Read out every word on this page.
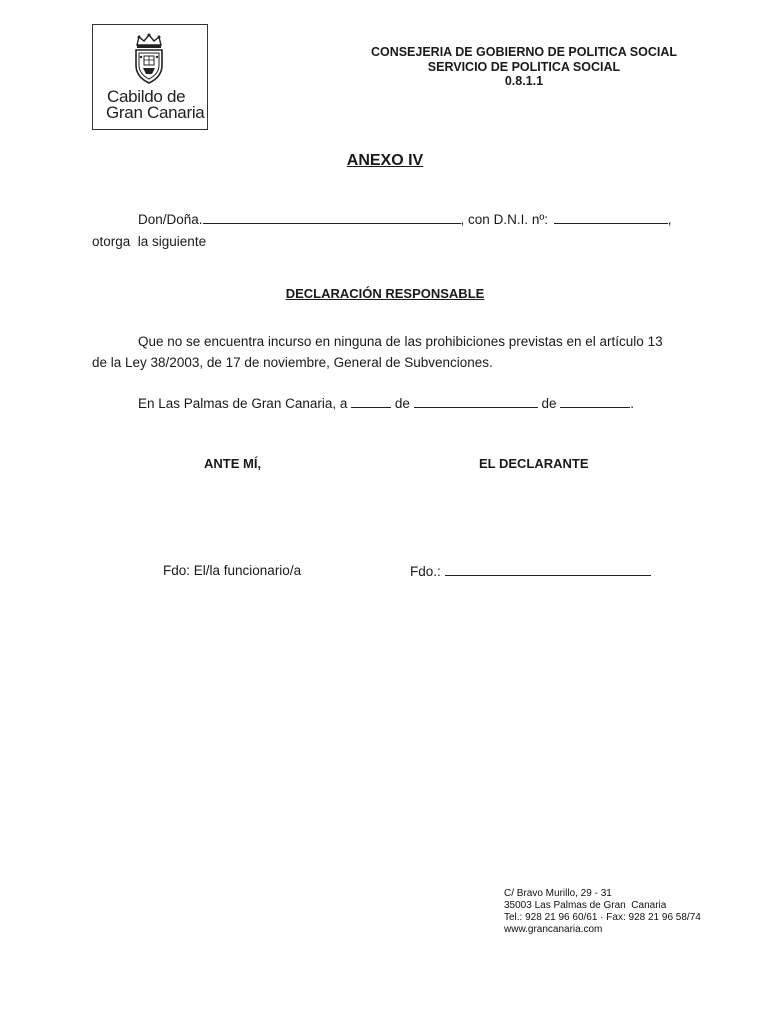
Cabildo de
Gran Canaria
CONSEJERIA DE GOBIERNO DE POLITICA SOCIAL
SERVICIO DE POLITICA SOCIAL
0.8.1.1
ANEXO IV
Don/Doña.	, con D.N.I. nº:	,
otorga  la siguiente
DECLARACIÓN RESPONSABLE
Que no se encuentra incurso en ninguna de las prohibiciones previstas en el artículo 13
de la Ley 38/2003, de 17 de noviembre, General de Subvenciones.
En Las Palmas de Gran Canaria, a	de	de	.
ANTE MÍ,	EL DECLARANTE
Fdo: El/la funcionario/a	Fdo.:
C/ Bravo Murillo, 29 - 31
35003 Las Palmas de Gran  Canaria
Tel.: 928 21 96 60/61 · Fax: 928 21 96 58/74
www.grancanaria.com
